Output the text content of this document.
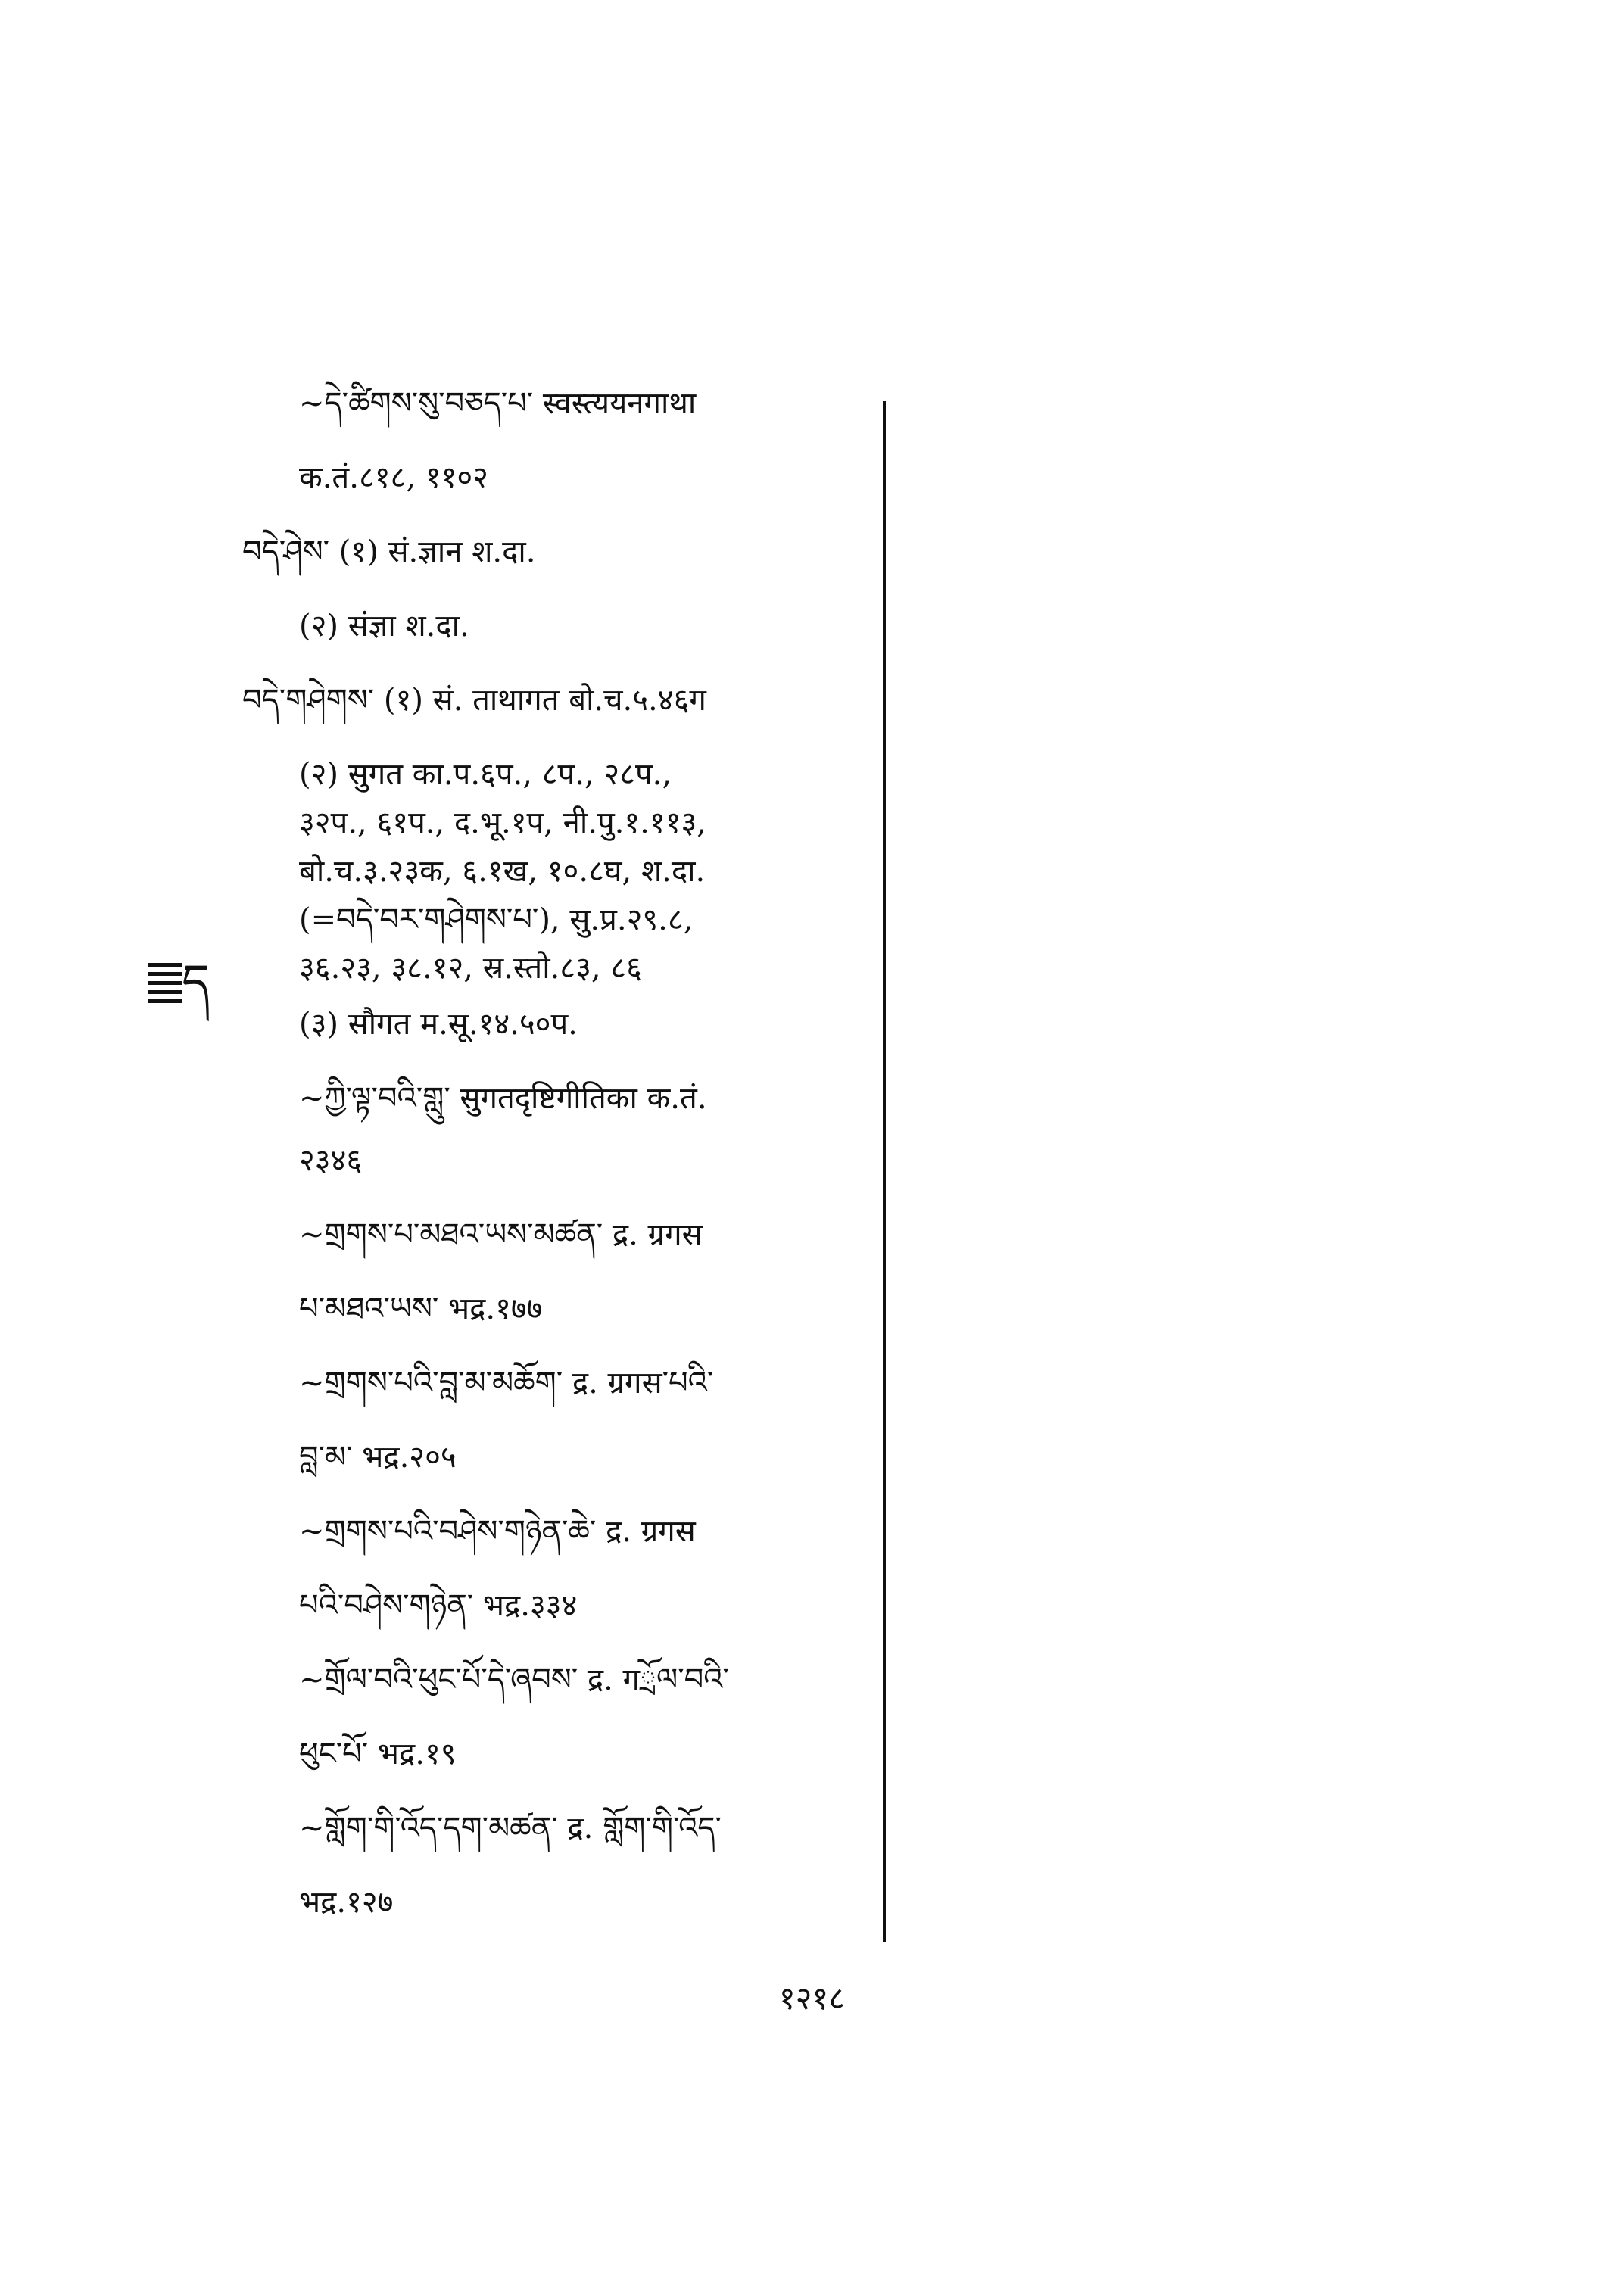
~དེ་ཚིགས་སུ་བཅད་པ་ स्वस्त्ययनगाथा
क.तं.८१८, ११०२
བདེ་ཤེས་ (१) सं.ज्ञान श.दा.
(२) संज्ञा श.दा.
བདེ་གཤེགས་ (१) सं. ताथागत बो.च.५.४६ग
(२) सुगत का.प.६प., ८प., २८प.,
३२प., ६१प., द.भू.१प, नी.पु.१.११३,
बो.च.३.२३क, ६.१ख, १०.८घ, श.दा.
(=བདེ་བར་གཤེགས་པ་), सु.प्र.२९.८,
३६.२३, ३८.१२, स्र.स्तो.८३, ८६
(३) सौगत म.सू.१४.५०प.
~ཀྱི་ལྟ་བའི་གླུ་ सुगतदृष्टिगीतिका क.तं.
२३४६
~གྲགས་པ་མཐའ་ཡས་མཚན་ द्र. ग्रगस
པ་མཐའ་ཡས་ भद्र.१७७
~གྲགས་པའི་བླ་མ་མཆོག་ द्र. ग्रगस་པའི་
བླ་མ་ भद्र.२०५
~གྲགས་པའི་བཤེས་གཉེན་ཆེ་ द्र. ग्रगस
པའི་བཤེས་གཉེན་ भद्र.३३४
~གྲོལ་བའི་ཕུང་པོ་དེ་ཞབས་ द्र. गྲོལ་བའི་
ཕུང་པོ་ भद्र.१९
~གློག་གི་འོད་དག་མཚན་ द्र. གློག་གི་འོད་
भद्र.१२७
ད
१२१८
